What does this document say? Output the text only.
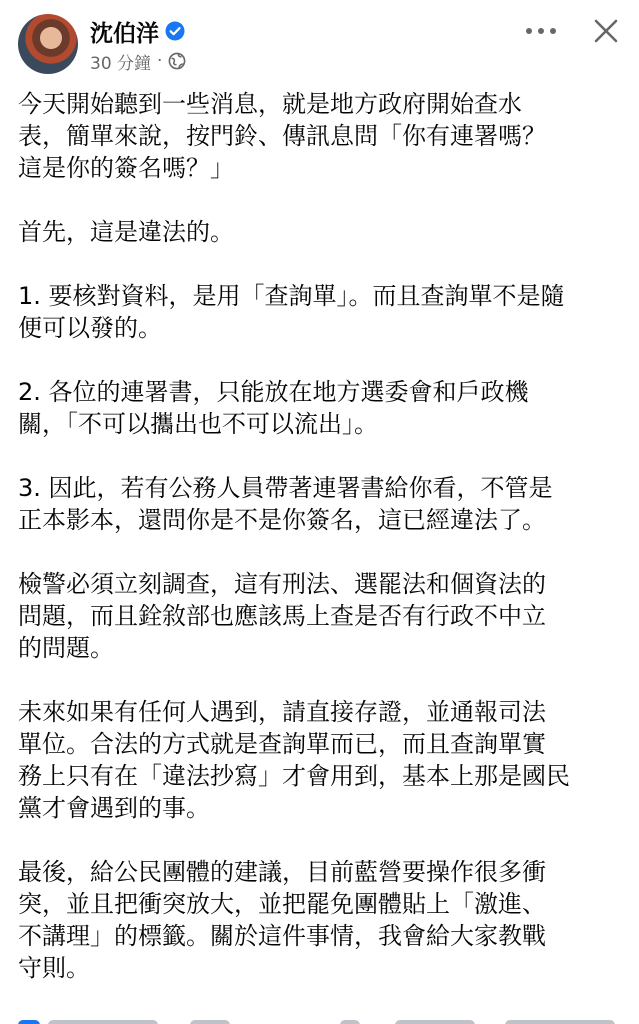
沈伯洋
30 分鐘 ·

今天開始聽到一些消息，就是地方政府開始查水
表，簡單來說，按門鈴、傳訊息問「你有連署嗎？
這是你的簽名嗎？」

首先，這是違法的。

1. 要核對資料，是用「查詢單」。而且查詢單不是隨
便可以發的。

2. 各位的連署書，只能放在地方選委會和戶政機
關，「不可以攜出也不可以流出」。

3. 因此，若有公務人員帶著連署書給你看，不管是
正本影本，還問你是不是你簽名，這已經違法了。

檢警必須立刻調查，這有刑法、選罷法和個資法的
問題，而且銓敘部也應該馬上查是否有行政不中立
的問題。

未來如果有任何人遇到，請直接存證，並通報司法
單位。合法的方式就是查詢單而已，而且查詢單實
務上只有在「違法抄寫」才會用到，基本上那是國民
黨才會遇到的事。

最後，給公民團體的建議，目前藍營要操作很多衝
突，並且把衝突放大，並把罷免團體貼上「激進、
不講理」的標籤。關於這件事情，我會給大家教戰
守則。
